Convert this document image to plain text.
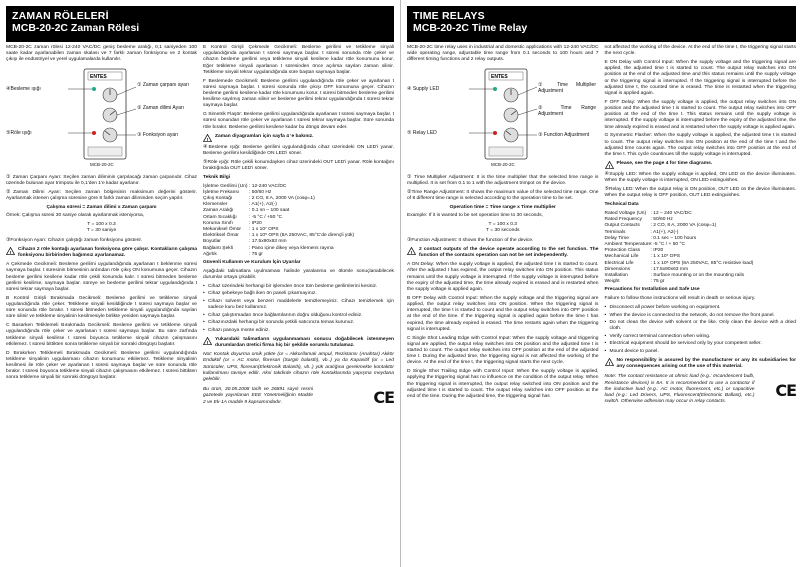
ZAMAN RÖLELERİ
MCB-20-2C Zaman Rölesi

MCB-20-2C zaman rölesi 12-240 VAC/DC geniş besleme aralığı, 0,1 saniyeden 100 saate kadar ayarlanabilen zaman skalası ve 7 farklı zaman fonksiyonu ve 2 kontak çıkışı ile endüstriyel ve yerel uygulamalarda kullanılır.

ENTES
④Besleme ışığı
⑤Röle ışığı
① Zaman çarpanı ayarı
② Zaman dilimi Ayarı
③ Fonksiyon ayarı
MCB-20-2C

① Zaman Çarpanı Ayarı: Seçilen zaman diliminin çarpılacağı zaman çarpanıdır. Cihaz üzerinde bulunan ayar trimpotu ile 0,1'den 1'e kadar ayarlanır.

②Zaman Dilimi Ayarı: Seçilen zaman bölgesinin maksimum değerini gösterir. Ayarlanmak istenen çalışma süresine göre 8 farklı zaman diliminden seçim yapılır.

Çalışma süresi = Zaman dilimi x Zaman çarpanı

Örnek: Çalışma süresi 30 saniye olarak ayarlanmak isteniyorsa,

T = 100 x 0.3
T = 30 saniye

③Fonksiyon Ayarı: Cihazın çalıştığı zaman fonksiyonu gösterir.

!
Cihazın 2 röle kontağı ayarlanan fonksiyona göre çalışır. Kontakların çalışma fonksiyonu birbirinden bağımsız ayarlanamaz.

A Çekmede Gecikmeli: Besleme gerilimi uygulandığında ayarlanan t beklenme süresi saymaya başlar. t süresinin bitmesinin ardından röle çıkış ON konumuna geçer. Cihazın besleme gerilimi kesilene kadar röle çekili konumda kalır. t süresi bitmeden besleme gerilimi kesilirse, saymaya başlar. süreye ve besleme gerilimi tekrar uygulandığında t süresi tekrar saymaya başlar.

B Kontrol Girişli Bırakmada Gecikmeli: Besleme gerilimi ve tetikleme sinyali uygulandığında röle çeker. Tetikleme sinyali kesildiğinde t süresi saymaya başlar ve süre sonunda röle bırakır. t süresi bitmeden tetikleme sinyali uygulandığında sayılan süre silinir ve tetikleme sinyalinin kesilmesiyle birlikte yeniden saymaya başlar.

C Basarken Tetiklemeli Bırakmada Gecikmeli: Besleme gerilimi ve tetikleme sinyali uygulandığında röle çeker ve ayarlanan t süresi saymaya başlar. Bu süre zarfında tetikleme sinyali kesilirse t süresi boyunca tetikleme sinyali cihazın çalışmasını etkilemez. t süresi bittikten sonra tetikleme sinyali bir sonraki döngüyü başlatır.

D Bırakırken Tetiklemeli Bırakmada Gecikmeli: Besleme gerilimi uygulandığında tetikleme sinyalinin uygulanması cihazın konumunu etkilemez. Tetikleme sinyalinin kesilmesi ile röle çeker ve ayarlanan t süresi saymaya başlar ve süre sonunda röle bırakır. t süresi boyunca tetikleme sinyali cihazın çalışmasını etkilemez. t süresi bittikten sonra tetikleme sinyali bir sonraki döngüyü başlatır.

E Kontrol Girişli Çekmede Gecikmeli: Besleme gerilimi ve tetikleme sinyali uygulandığında ayarlanan t süresi saymaya başlar. t süresi sonunda röle çeker ve cihazın besleme gerilimi veya tetikleme sinyali kesilene kadar röle konumunu korur. Eğer tetikleme sinyali ayarlanan t süresinden önce açılırsa sayılan zaman silinir. Tetikleme sinyali tekrar uygulandığında süre baştan saymaya başlar.

F Beslemede Gecikmeli: Besleme gerilimi uygulandığında röle çeker ve ayarlanan t süresi saymaya başlar. t süresi sonunda röle çıkışı OFF konumuna geçer. Cihazın besleme gerilimi kesilene kadar röle konumunu korur. t süresi bitmeden besleme gerilimi kesilirse sayılmış zaman silinir ve besleme gerilimi tekrar uygulandığında t süresi tekrar saymaya başlar.

G Simetrik Flaşör: Besleme gerilimi uygulandığında ayarlanan t süresi saymaya başlar. t süresi sonundan röle çeker ve ayarlanan t süresi tekrar saymaya başlar. Süre sonunda röle bırakır. Besleme gerilimi kesilene kadar bu döngü devam eder.

!
Zaman diyagramları için sayfa 4 'e bakınız.

④Besleme ışığı: Besleme gerilimi uygulandığında cihaz üzerindeki ON LED'i yanar. Besleme gerilimi kesildiğinde ON LED'i söner.

⑤Röle ışığı: Röle çekili konumdayken cihaz üzerindeki OUT LED'i yanar. Röle kontağını bıraktığında OUT LED'i söner.

Teknik Bilgi

İşletme Gerilimi (Un): 12-240 VAC/DC
İşletme Frekansı : 50/60 Hz
Çıkış Kontağı	: 2 CO, 8 A, 2000 VA (cosφ=1)
Klemensler	: A1(+), A2(-)
Zaman Aralığı	: 0.1 sn – 100 saat
Ortam Sıcaklığı	: -5 °C / +50 °C
Koruma Sınıfı	: IP20
Mekaniksel Ömür : 1 x 10⁷ OPS
Elektriksel Ömür : 1 x 10⁵ OPS (8A 250VAC, 85°C'de dirençli yük)
Boyutlar	: 17.5x90x63 mm
Bağlantı Şekli	: Pano içine dikey veya klemens rayına
Ağırlık	: 75 gr

Güvenli Kullanım ve Kurulum İçin Uyarılar

Aşağıdaki talimatlara uyulmaması halinde yaralanma ve ölümle sonuçlanabilecek durumlar ortaya çıkabilir.

• Cihaz üzerindeki herhangi bir işlemden önce tüm besleme gerilimlerini kesiniz.
• Cihaz şebekeye bağlı iken ön paneli çıkarmayınız.
• Cihazı solvent veya benzeri maddelerle temizlemeyiniz. Cihazı temizlemek için sadece kuru bez kullanınız.
• Cihaz çalıştırmadan önce bağlantılarının doğru olduğunu kontrol ediniz.
• Cihazınızdaki herhangi bir sorunda yetkili satıcınıza temas kurunuz.
• Cihazı panoya monte ediniz.
!
Yukarıdaki talimatların uygulanmaması sonucu doğabilecek istenmeyen durumlardan üretici firma hiç bir şekilde sorumlu tutulamaz.

Not: Kontak doyurma omik yükte (or = Akkor/lamalı ampul, Rezistansı (Anahtar) Akkör Endüktif (or = AC motor, floresan (Sargılı balastlı), vb..) ya da Kapasitif (or = Led Sürücüler, UPS, floresan(Elektronik Balastlı), vb..) yük aralığına gerekmekte kontaktör kullanılması tavsiye edilir. Aksi takdirde cihazın röle kontaklarında yapışma meydana gelebilir.

Bu ürün, 30.05.2008 tarih ve 26891 sayılı resmi gazetede yayınlanan EEE Yönetmeliğinin Madde 2 ve Ek-1A madde 9 kapsamındadır.	CE
TIME RELAYS
MCB-20-2C Time Relay

MCB-20-2C time relay uses in industrial and domestic applications with 12-240 VAC/DC wide operating range, adjustable time range from 0.1 seconds to 100 hours and 7 different timing functions and 2 relay outputs.

ENTES
④ Supply LED
⑤ Relay LED
① Time Multiplier Adjustment
② Time Range Adjustment
③ Function Adjustment
MCB-20-2C

① Time Multiplier Adjustment: It is the time multiplier that the selected time range is multiplied. It is set from 0.1 to 1 with the adjustment trimpot on the device.

②Time Range Adjustment: It shows the maximum value of the selected time range. One of 8 different time range is selected according to the operation time to be set.

Operation time = Time range x Time multiplier

Example: If it is wanted to be set operation time to 30 seconds,

T = 100 x 0.3
T = 30 seconds

③Function Adjustment: It shows the function of the device.

!
2 contact outputs of the device operate according to the set function. The function of the contacts operation can not be set independently.

A ON Delay: When the supply voltage is applied, the adjusted time t is started to count. After the adjusted t has expired, the output relay switches into ON position. This status remains until the supply voltage is interrupted. If the supply voltage is interrupted before the expiry of the adjusted time, the time already expired is erased and is restarted when the supply voltage is applied again.

B OFF Delay with Control Input: When the supply voltage and the triggering signal are applied, the output relay switches into ON position. When the triggering signal is interrupted, the time t is started to count and the output relay switches into OFF position at the end of the time. If the triggering signal is applied again before the time t has expired, the time already expired is erased. The time restarts again when the triggering signal is interrupted.

C Single Shot Leading Edge with Control Input: When the supply voltage and triggering signal are applied, the output relay switches into ON position and the adjusted time t is started to count. The output relay switches into OFF position at the end of the adjusted time t. During the adjusted time, the triggering signal is not affected the working of the device. At the end of the time t, the triggering signal starts the next cycle.

D Single Shot Trailing Edge with Control Input: When the supply voltage is applied, applying the triggering signal has no influence on the condition of the output relay. When the triggering signal is interrupted, the output relay switched into ON position and the adjusted time t is started to count. The output relay switches into OFF position at the end of the time. During the adjusted time, the triggering signal has

not affected the working of the device. At the end of the time t, the triggering signal starts the next cycle.

E ON Delay with Control Input: When the supply voltage and the triggering signal are applied, the adjusted time t is started to count. The output relay switches into ON position at the end of the adjusted time and this status remains until the supply voltage or the triggering signal is interrupted. If the triggering signal is interrupted before the adjusted time t, the counted time is erased. The time is restarted when the triggering signal is applied again.

F OFF Delay: When the supply voltage is applied, the output relay switches into ON position and the adjusted time t is started to count. The output relay switches into OFF position at the end of the time t. This status remains until the supply voltage is interrupted. If the supply voltage is interrupted before the expiry of the adjusted time, the time already expired is erased and is restarted when the supply voltage is applied again.

G Symmetric Flasher: When the supply voltage is applied, the adjusted time t is started to count. The output relay switches into ON position at the end of the time t and the adjusted time counts again. The output relay switches into OFF position at the end of the time t. This cycle countinues till the supply voltage is interrupted.

!
Please, see the page 4 for time diagrams.

④Supply LED: When the supply voltage is applied, ON LED on the device illuminates. When the supply voltage is interrupted, ON LED extinguishes.

⑤Relay LED: When the output relay is ON position, OUT LED on the device illuminates. When the output relay is OFF position, OUT LED extinguishes.

Technical Data

Rated Voltage (Un) : 12 – 240 VAC/DC
Rated Frequency : 50/60 Hz
Output Contacts : 2 CO, 8 A, 2000 VA (cosφ=1)
Terminals	: A1(+), A2(-)
Delay Time	: 0.1 sec – 100 hours
Ambient Temperature: -5 °C / + 50 °C
Protection Class : IP20
Mechanical Life : 1 x 10⁷ OPS
Electrical Life	: 1 x 10⁵ OPS (8A 250VAC, 85°C resistive load)
Dimensions	: 17.5x90x63 mm
Installation	: Surface mounting or on the mounting rails
Weight	: 75 gr

Precautions for Installation and Safe Use

Failure to follow those instructions will result in death or serious injury.

• Disconnect all power before working on equipment.
• When the device is connected to the network, do not remove the front panel.
• Do not clean the device with solvent or the like. Only clean the device with a dried cloth.
• Verify correct terminal connection when wiring.
• Electrical equipment should be serviced only by your competent seller.
• Mount device to panel.
!
No responsibility is assured by the manufacturer or any its subsidiaries for any consequences arising out the use of this material.

Note: The contact resistance at ohmic load (e.g.: Incandescent bulb, Resistance devices) is 8A. It is recommended to use a contactor if the inductive load (e.g.: AC motor, fluorescent, etc.) or capacitive load (e.g.: Led Drivers, UPS, Fluorescent(Electronic Ballast), etc.) switch. Otherwise adhesion may occur in relay contacts.

CE
